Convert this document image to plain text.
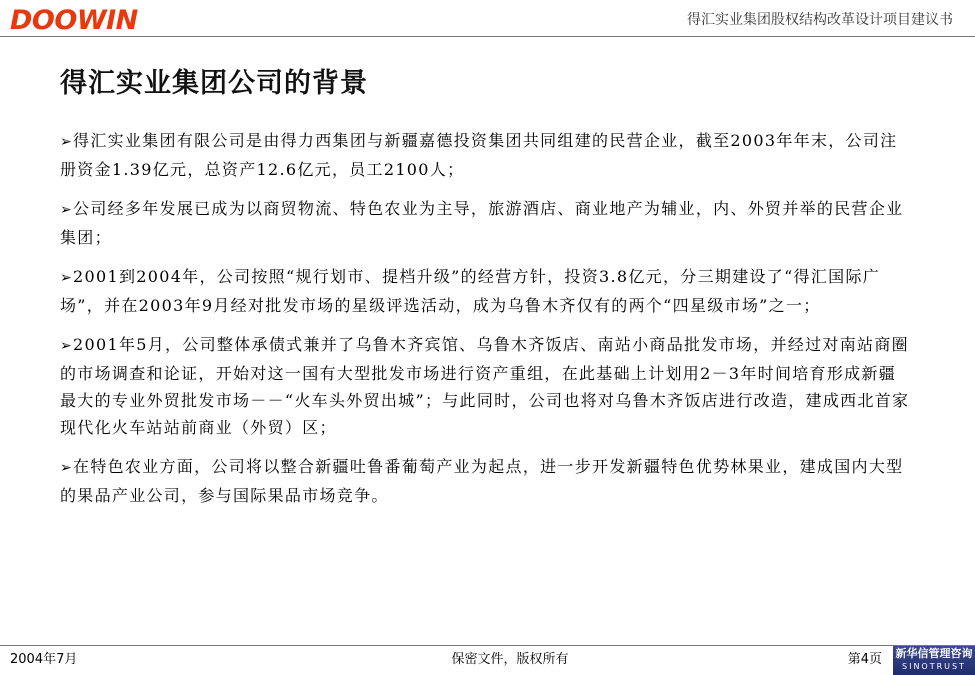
DOOWIN	得汇实业集团股权结构改革设计项目建议书
得汇实业集团公司的背景
➢得汇实业集团有限公司是由得力西集团与新疆嘉德投资集团共同组建的民营企业，截至2003年年末，公司注册资金1.39亿元，总资产12.6亿元，员工2100人；
➢公司经多年发展已成为以商贸物流、特色农业为主导，旅游酒店、商业地产为辅业，内、外贸并举的民营企业集团；
➢2001到2004年，公司按照“规行划市、提档升级”的经营方针，投资3.8亿元，分三期建设了“得汇国际广场”，并在2003年9月经对批发市场的星级评选活动，成为乌鲁木齐仅有的两个“四星级市场”之一；
➢2001年5月，公司整体承债式兼并了乌鲁木齐宾馆、乌鲁木齐饭店、南站小商品批发市场，并经过对南站商圈的市场调查和论证，开始对这一国有大型批发市场进行资产重组，在此基础上计划用2－3年时间培育形成新疆最大的专业外贸批发市场－－“火车头外贸出城”；与此同时，公司也将对乌鲁木齐饭店进行改造，建成西北首家现代化火车站站前商业（外贸）区；
➢在特色农业方面，公司将以整合新疆吐鲁番葡萄产业为起点，进一步开发新疆特色优势林果业，建成国内大型的果品产业公司，参与国际果品市场竞争。
2004年7月	保密文件，版权所有	第4页 新华信管理咨询
SINOTRUST
